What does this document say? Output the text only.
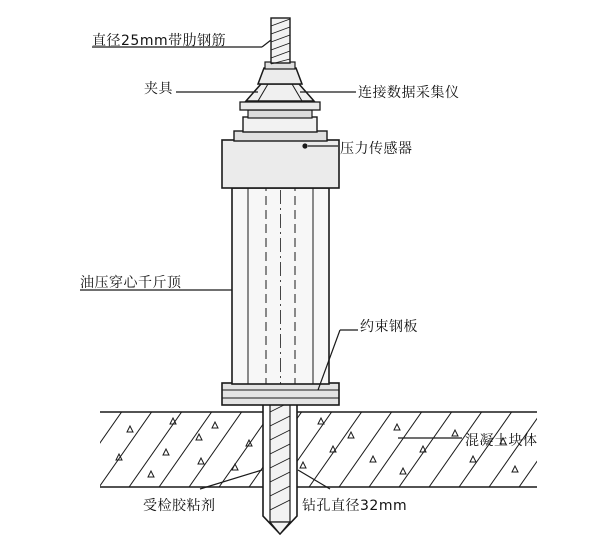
直径25mm带肋钢筋
夹具	连接数据采集仪
压力传感器
油压穿心千斤顶
约束钢板
混凝土块体
受检胶粘剂	钻孔直径32mm
